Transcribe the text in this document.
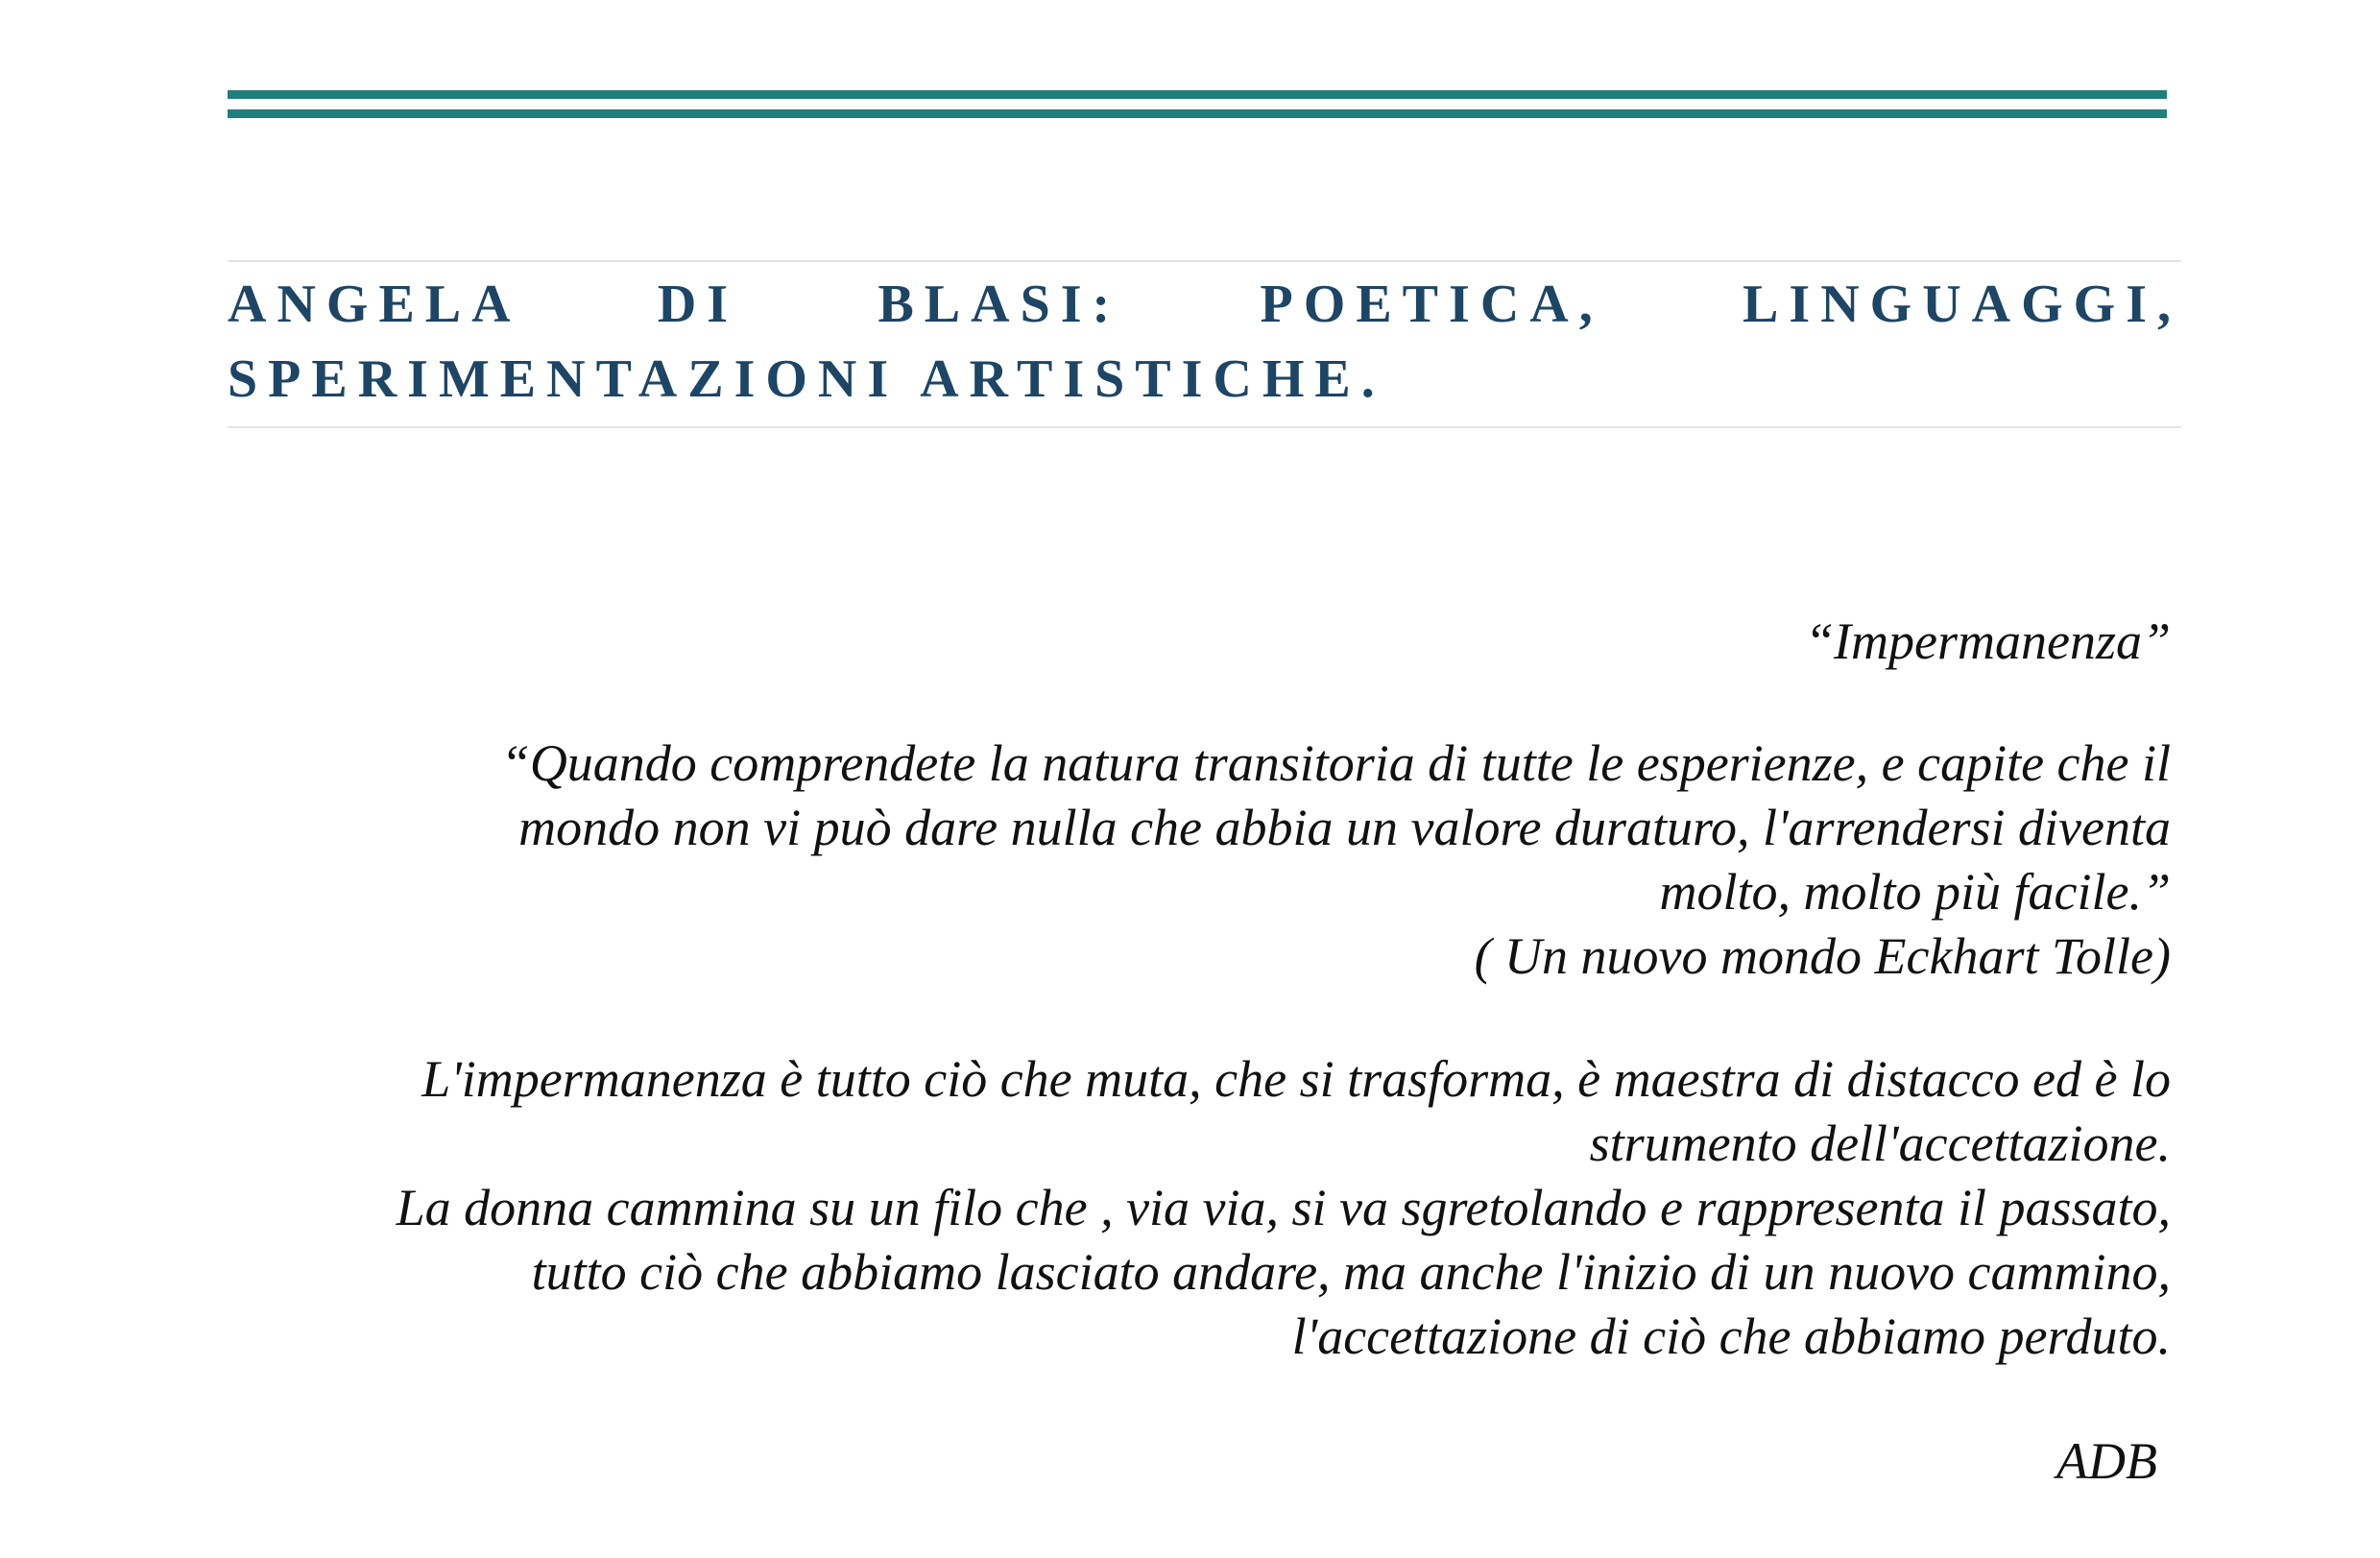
ANGELA DI BLASI: POETICA, LINGUAGGI,
SPERIMENTAZIONI ARTISTICHE.

“Impermanenza”

“Quando comprendete la natura transitoria di tutte le esperienze, e capite che il
mondo non vi può dare nulla che abbia un valore duraturo, l'arrendersi diventa
molto, molto più facile.”

( Un nuovo mondo Eckhart Tolle)

L'impermanenza è tutto ciò che muta, che si trasforma, è maestra di distacco ed è lo
strumento dell'accettazione.
La donna cammina su un filo che , via via, si va sgretolando e rappresenta il passato,
tutto ciò che abbiamo lasciato andare, ma anche l'inizio di un nuovo cammino,
l'accettazione di ciò che abbiamo perduto.

ADB
